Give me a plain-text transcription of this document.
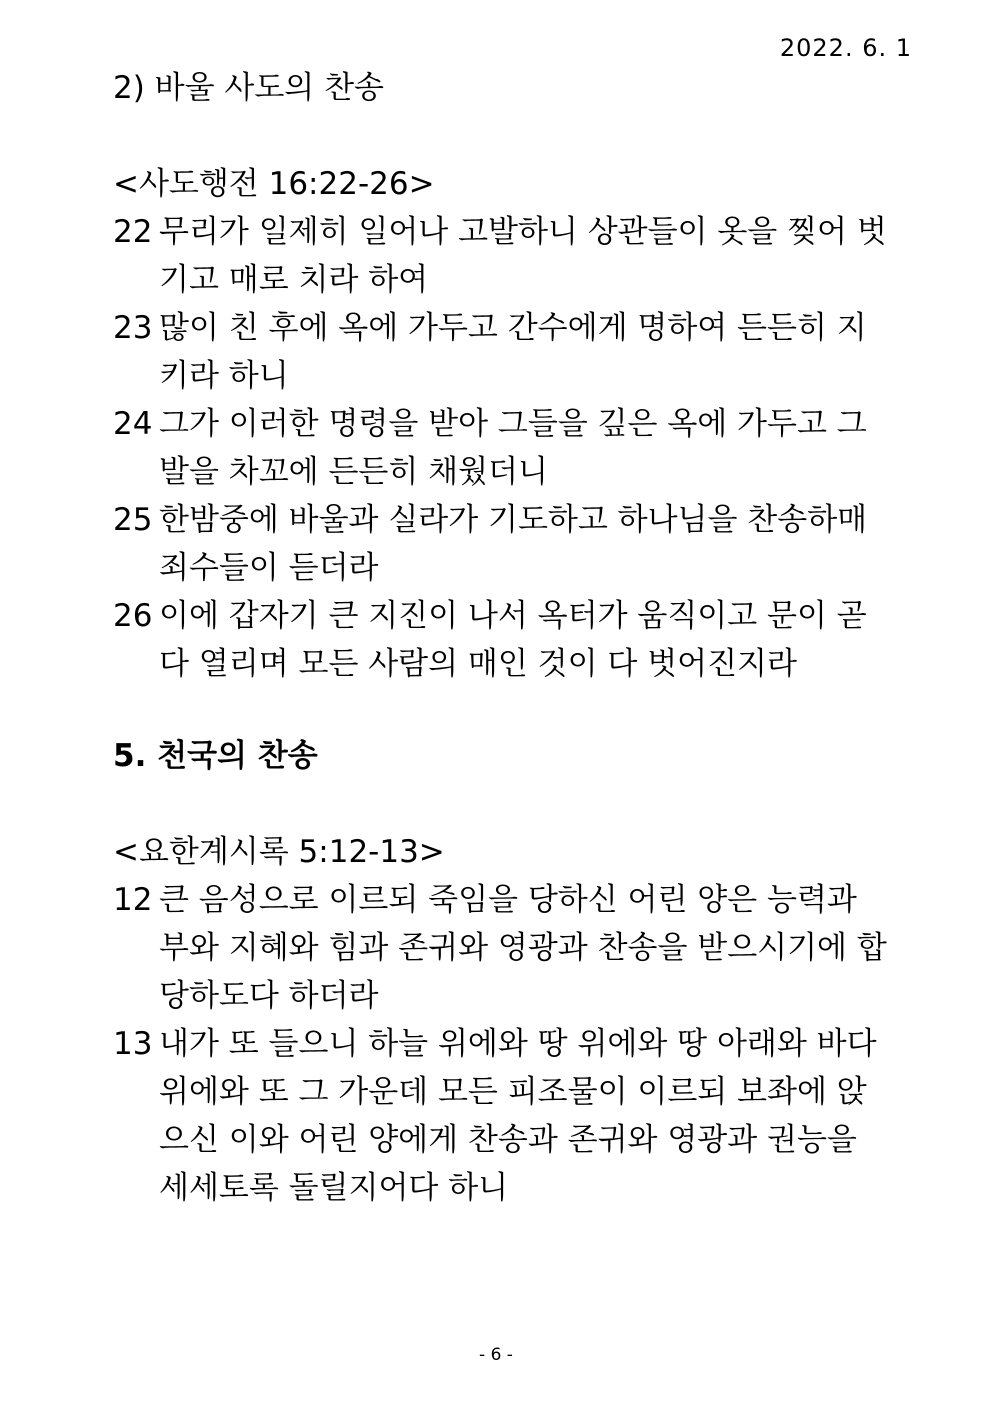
2022. 6. 1
2) 바울 사도의 찬송
<사도행전 16:22-26>
22 무리가 일제히 일어나 고발하니 상관들이 옷을 찢어 벗
기고 매로 치라 하여
23 많이 친 후에 옥에 가두고 간수에게 명하여 든든히 지
키라 하니
24 그가 이러한 명령을 받아 그들을 깊은 옥에 가두고 그
발을 차꼬에 든든히 채웠더니
25 한밤중에 바울과 실라가 기도하고 하나님을 찬송하매
죄수들이 듣더라
26 이에 갑자기 큰 지진이 나서 옥터가 움직이고 문이 곧
다 열리며 모든 사람의 매인 것이 다 벗어진지라
5. 천국의 찬송
<요한계시록 5:12-13>
12 큰 음성으로 이르되 죽임을 당하신 어린 양은 능력과
부와 지혜와 힘과 존귀와 영광과 찬송을 받으시기에 합
당하도다 하더라
13 내가 또 들으니 하늘 위에와 땅 위에와 땅 아래와 바다
위에와 또 그 가운데 모든 피조물이 이르되 보좌에 앉
으신 이와 어린 양에게 찬송과 존귀와 영광과 권능을
세세토록 돌릴지어다 하니
- 6 -
